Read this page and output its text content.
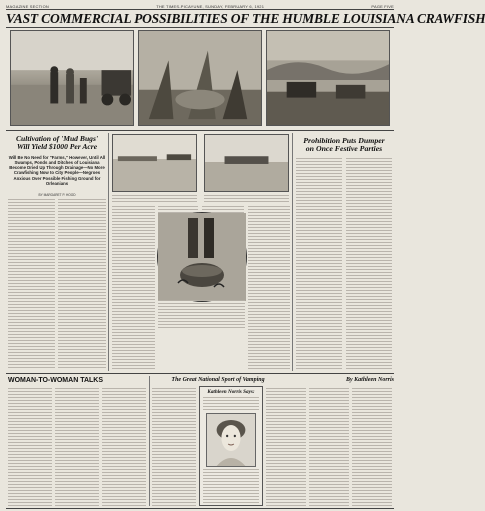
MAGAZINE SECTION	THE TIMES-PICAYUNE, SUNDAY, FEBRUARY 6, 1921	PAGE FIVE
VAST COMMERCIAL POSSIBILITIES OF THE HUMBLE LOUISIANA CRAWFISH
Cultivation of 'Mud Bugs'
Will Yield $1000 Per Acre
Will Be No Need for "Farms," However, Until All Swamps, Ponds and Ditches of Louisiana Become Dried Up Through Drainage—No More Crawfishing Now to City People—Negroes Anxious Over Possible Fishing Ground for Orleanians
BY MARGARET P. HOOD
Prohibition Puts Dumper
on Once Festive Parties
WOMAN-TO-WOMAN TALKS	The Great National Sport of Vamping	By Kathleen Norris
Kathleen Norris Says:
